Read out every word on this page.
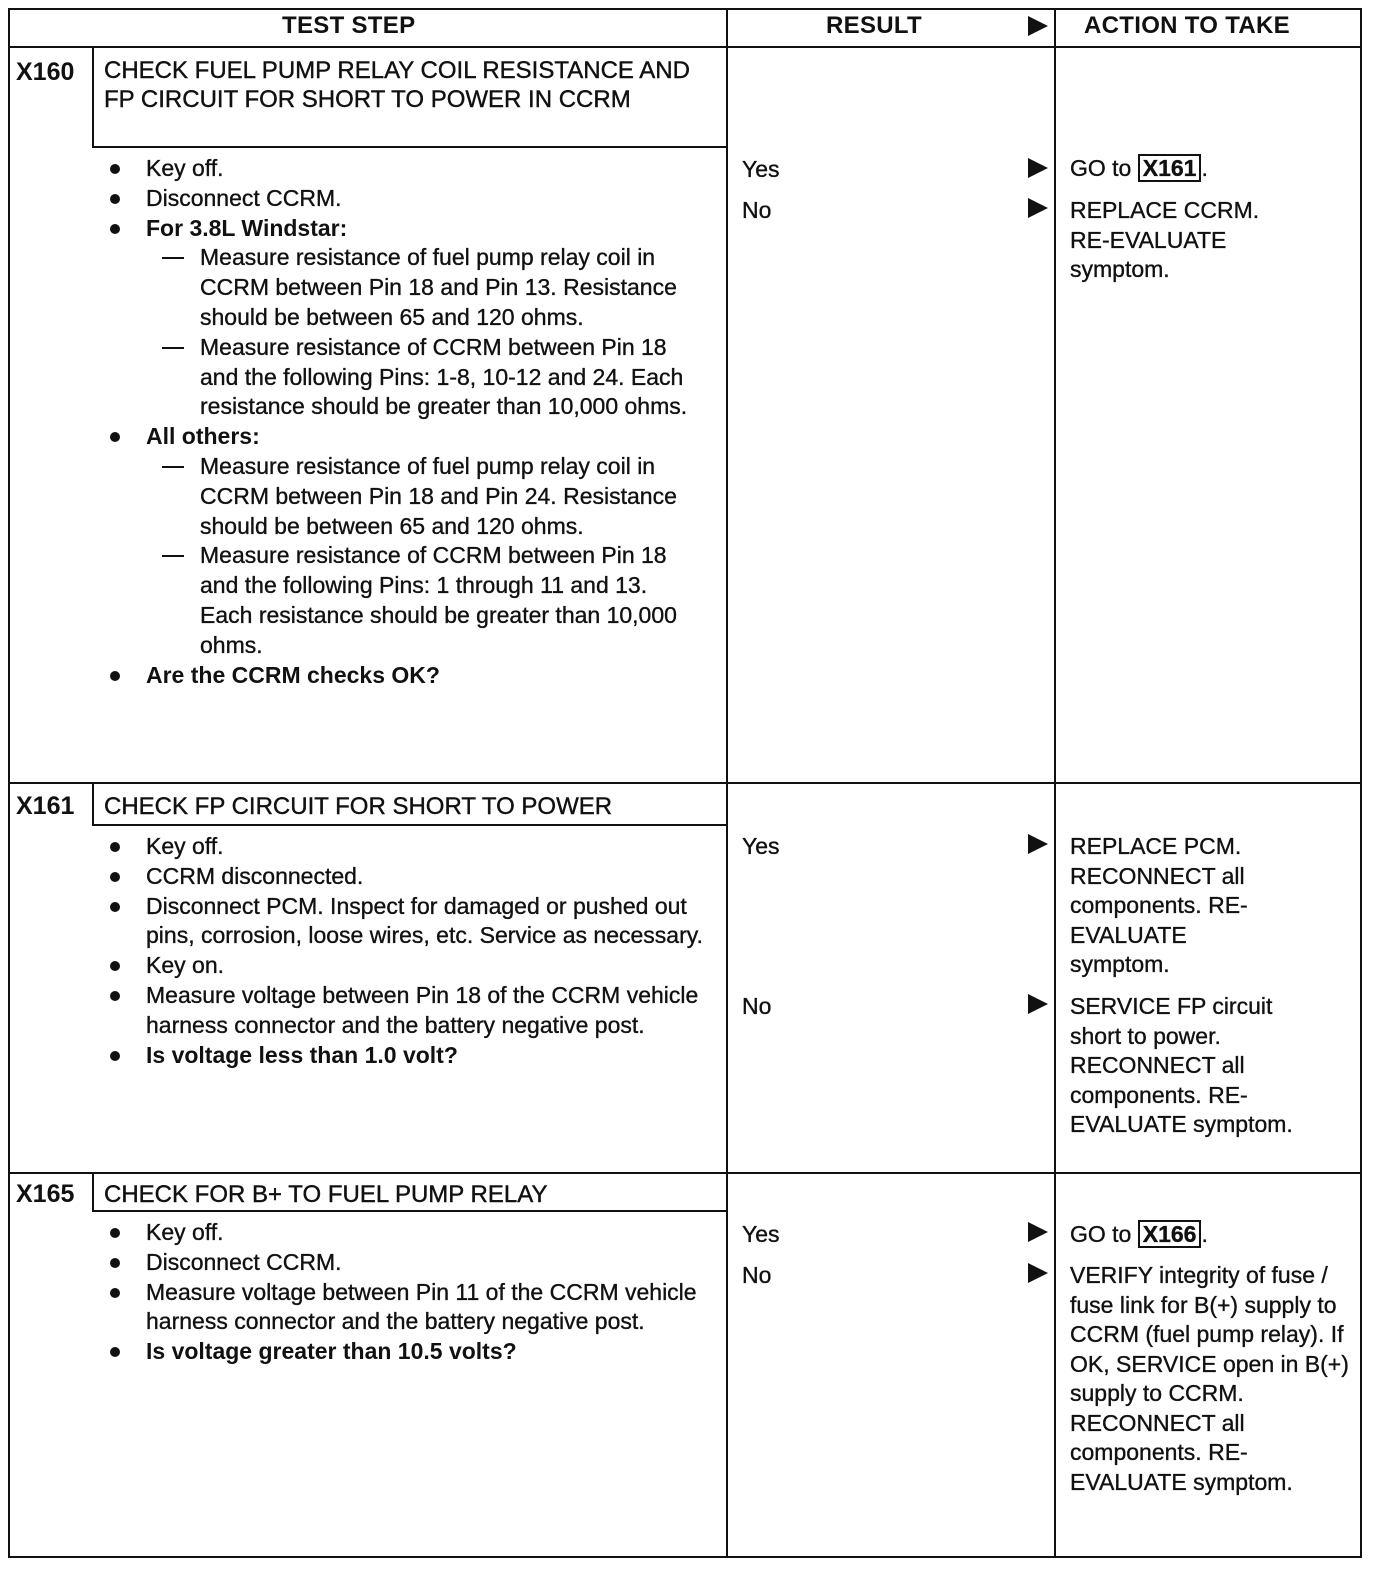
TEST STEP	RESULT	ACTION TO TAKE
X160 CHECK FUEL PUMP RELAY COIL RESISTANCE AND FP CIRCUIT FOR SHORT TO POWER IN CCRM
Key off.
Disconnect CCRM.
For 3.8L Windstar:
Measure resistance of fuel pump relay coil in CCRM between Pin 18 and Pin 13. Resistance should be between 65 and 120 ohms.
Measure resistance of CCRM between Pin 18 and the following Pins: 1-8, 10-12 and 24. Each resistance should be greater than 10,000 ohms.
All others:
Measure resistance of fuel pump relay coil in CCRM between Pin 18 and Pin 24. Resistance should be between 65 and 120 ohms.
Measure resistance of CCRM between Pin 18 and the following Pins: 1 through 11 and 13. Each resistance should be greater than 10,000 ohms.
Are the CCRM checks OK?
Yes	GO to X161 .
No	REPLACE CCRM. RE-EVALUATE symptom.
X161 CHECK FP CIRCUIT FOR SHORT TO POWER
Key off.
CCRM disconnected.
Disconnect PCM. Inspect for damaged or pushed out pins, corrosion, loose wires, etc. Service as necessary.
Key on.
Measure voltage between Pin 18 of the CCRM vehicle harness connector and the battery negative post.
Is voltage less than 1.0 volt?
Yes	REPLACE PCM. RECONNECT all components. RE-EVALUATE symptom.
No	SERVICE FP circuit short to power. RECONNECT all components. RE-EVALUATE symptom.
X165 CHECK FOR B+ TO FUEL PUMP RELAY
Key off.
Disconnect CCRM.
Measure voltage between Pin 11 of the CCRM vehicle harness connector and the battery negative post.
Is voltage greater than 10.5 volts?
Yes	GO to X166 .
No	VERIFY integrity of fuse / fuse link for B(+) supply to CCRM (fuel pump relay). If OK, SERVICE open in B(+) supply to CCRM. RECONNECT all components. RE-EVALUATE symptom.
